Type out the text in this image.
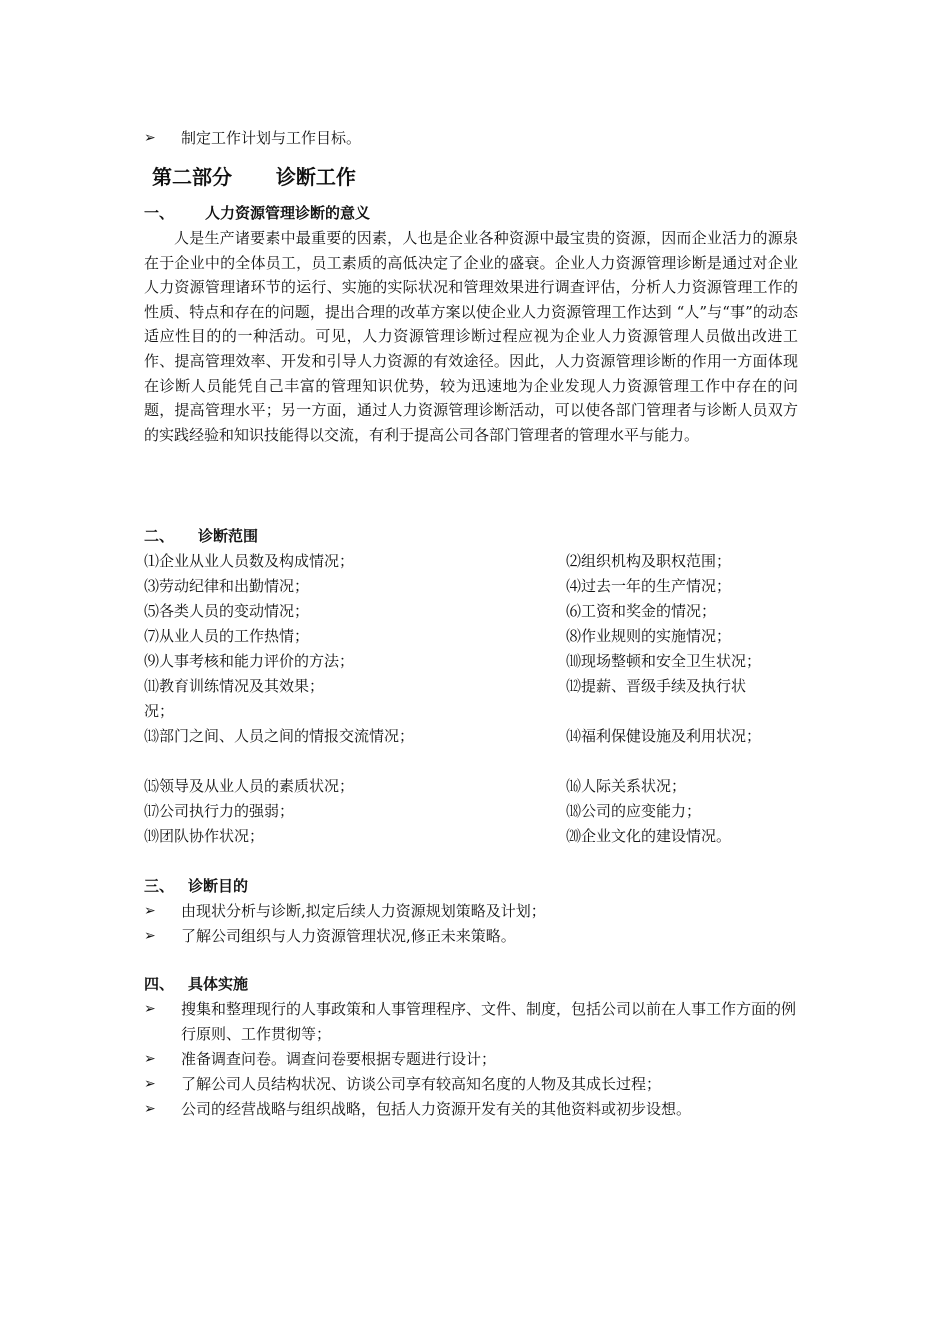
➢ 制定工作计划与工作目标。
第二部分 诊断工作
一、 人力资源管理诊断的意义
人是生产诸要素中最重要的因素，人也是企业各种资源中最宝贵的资源，因而企业活力的源泉在于企业中的全体员工，员工素质的高低决定了企业的盛衰。企业人力资源管理诊断是通过对企业人力资源管理诸环节的运行、实施的实际状况和管理效果进行调查评估，分析人力资源管理工作的性质、特点和存在的问题，提出合理的改革方案以使企业人力资源管理工作达到 “人”与“事”的动态适应性目的的一种活动。可见，人力资源管理诊断过程应视为企业人力资源管理人员做出改进工作、提高管理效率、开发和引导人力资源的有效途径。因此，人力资源管理诊断的作用一方面体现在诊断人员能凭自己丰富的管理知识优势，较为迅速地为企业发现人力资源管理工作中存在的问题，提高管理水平；另一方面，通过人力资源管理诊断活动，可以使各部门管理者与诊断人员双方的实践经验和知识技能得以交流，有利于提高公司各部门管理者的管理水平与能力。
二、 诊断范围
⑴企业从业人员数及构成情况；	⑵组织机构及职权范围；
⑶劳动纪律和出勤情况；	⑷过去一年的生产情况；
⑸各类人员的变动情况；	⑹工资和奖金的情况；
⑺从业人员的工作热情；	⑻作业规则的实施情况；
⑼人事考核和能力评价的方法；	⑽现场整顿和安全卫生状况；
⑾教育训练情况及其效果；	⑿提薪、晋级手续及执行状
况；
⒀部门之间、人员之间的情报交流情况；	⒁福利保健设施及利用状况；
⒂领导及从业人员的素质状况；	⒃人际关系状况；
⒄公司执行力的强弱；	⒅公司的应变能力；
⒆团队协作状况；	⒇企业文化的建设情况。
三、 诊断目的
➢ 由现状分析与诊断,拟定后续人力资源规划策略及计划；
➢ 了解公司组织与人力资源管理状况,修正未来策略。
四、 具体实施
➢ 搜集和整理现行的人事政策和人事管理程序、文件、制度，包括公司以前在人事工作方面的例行原则、工作贯彻等；
➢ 准备调查问卷。调查问卷要根据专题进行设计；
➢ 了解公司人员结构状况、访谈公司享有较高知名度的人物及其成长过程；
➢ 公司的经营战略与组织战略，包括人力资源开发有关的其他资料或初步设想。
